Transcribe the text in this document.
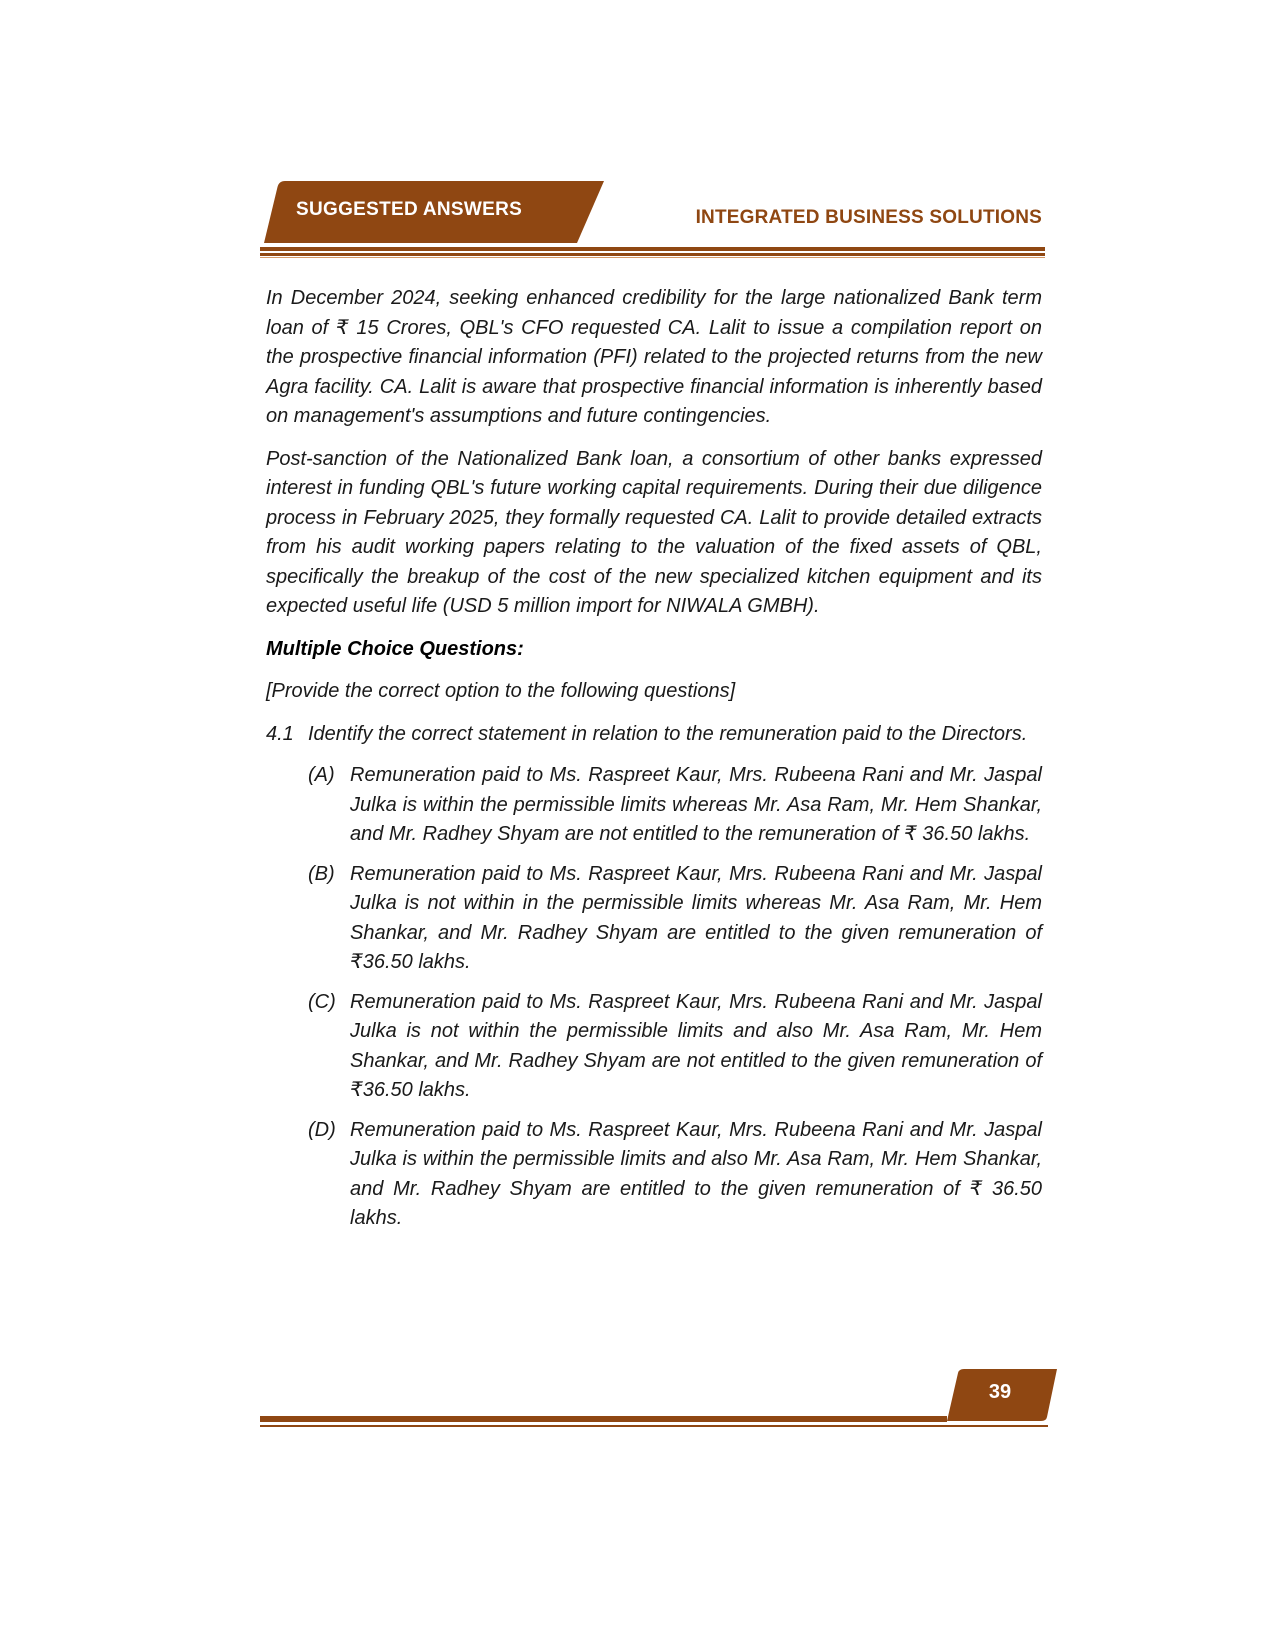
SUGGESTED ANSWERS	INTEGRATED BUSINESS SOLUTIONS

In December 2024, seeking enhanced credibility for the large nationalized Bank term loan of ₹ 15 Crores, QBL's CFO requested CA. Lalit to issue a compilation report on the prospective financial information (PFI) related to the projected returns from the new Agra facility. CA. Lalit is aware that prospective financial information is inherently based on management's assumptions and future contingencies.

Post-sanction of the Nationalized Bank loan, a consortium of other banks expressed interest in funding QBL's future working capital requirements. During their due diligence process in February 2025, they formally requested CA. Lalit to provide detailed extracts from his audit working papers relating to the valuation of the fixed assets of QBL, specifically the breakup of the cost of the new specialized kitchen equipment and its expected useful life (USD 5 million import for NIWALA GMBH).

Multiple Choice Questions:
[Provide the correct option to the following questions]
4.1 Identify the correct statement in relation to the remuneration paid to the Directors.
(A) Remuneration paid to Ms. Raspreet Kaur, Mrs. Rubeena Rani and Mr. Jaspal Julka is within the permissible limits whereas Mr. Asa Ram, Mr. Hem Shankar, and Mr. Radhey Shyam are not entitled to the remuneration of ₹ 36.50 lakhs.
(B) Remuneration paid to Ms. Raspreet Kaur, Mrs. Rubeena Rani and Mr. Jaspal Julka is not within in the permissible limits whereas Mr. Asa Ram, Mr. Hem Shankar, and Mr. Radhey Shyam are entitled to the given remuneration of ₹36.50 lakhs.
(C) Remuneration paid to Ms. Raspreet Kaur, Mrs. Rubeena Rani and Mr. Jaspal Julka is not within the permissible limits and also Mr. Asa Ram, Mr. Hem Shankar, and Mr. Radhey Shyam are not entitled to the given remuneration of ₹36.50 lakhs.
(D) Remuneration paid to Ms. Raspreet Kaur, Mrs. Rubeena Rani and Mr. Jaspal Julka is within the permissible limits and also Mr. Asa Ram, Mr. Hem Shankar, and Mr. Radhey Shyam are entitled to the given remuneration of ₹ 36.50 lakhs.
39
